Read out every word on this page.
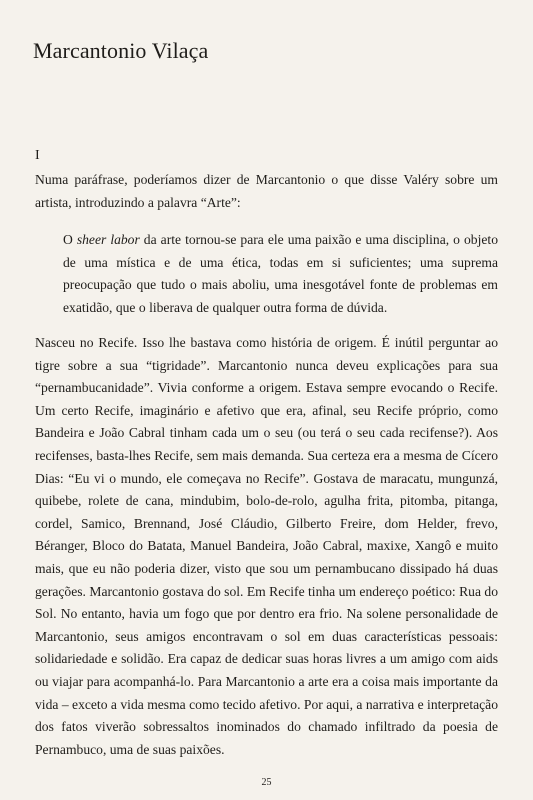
Marcantonio Vilaça
I

Numa paráfrase, poderíamos dizer de Marcantonio o que disse Valéry sobre um artista, introduzindo a palavra “Arte”:

O sheer labor da arte tornou-se para ele uma paixão e uma disciplina, o objeto de uma mística e de uma ética, todas em si suficientes; uma suprema preocupação que tudo o mais aboliu, uma inesgotável fonte de problemas em exatidão, que o liberava de qualquer outra forma de dúvida.

Nasceu no Recife. Isso lhe bastava como história de origem. É inútil perguntar ao tigre sobre a sua “tigridade”. Marcantonio nunca deveu explicações para sua “pernambucanidade”. Vivia conforme a origem. Estava sempre evocando o Recife. Um certo Recife, imaginário e afetivo que era, afinal, seu Recife próprio, como Bandeira e João Cabral tinham cada um o seu (ou terá o seu cada recifense?). Aos recifenses, basta-lhes Recife, sem mais demanda. Sua certeza era a mesma de Cícero Dias: “Eu vi o mundo, ele começava no Recife”. Gostava de maracatu, mungunzá, quibebe, rolete de cana, mindubim, bolo-de-rolo, agulha frita, pitomba, pitanga, cordel, Samico, Brennand, José Cláudio, Gilberto Freire, dom Helder, frevo, Béranger, Bloco do Batata, Manuel Bandeira, João Cabral, maxixe, Xangô e muito mais, que eu não poderia dizer, visto que sou um pernambucano dissipado há duas gerações. Marcantonio gostava do sol. Em Recife tinha um endereço poético: Rua do Sol. No entanto, havia um fogo que por dentro era frio. Na solene personalidade de Marcantonio, seus amigos encontravam o sol em duas características pessoais: solidariedade e solidão. Era capaz de dedicar suas horas livres a um amigo com aids ou viajar para acompanhá-lo. Para Marcantonio a arte era a coisa mais importante da vida – exceto a vida mesma como tecido afetivo. Por aqui, a narrativa e interpretação dos fatos viverão sobressaltos inominados do chamado infiltrado da poesia de Pernambuco, uma de suas paixões.

25
